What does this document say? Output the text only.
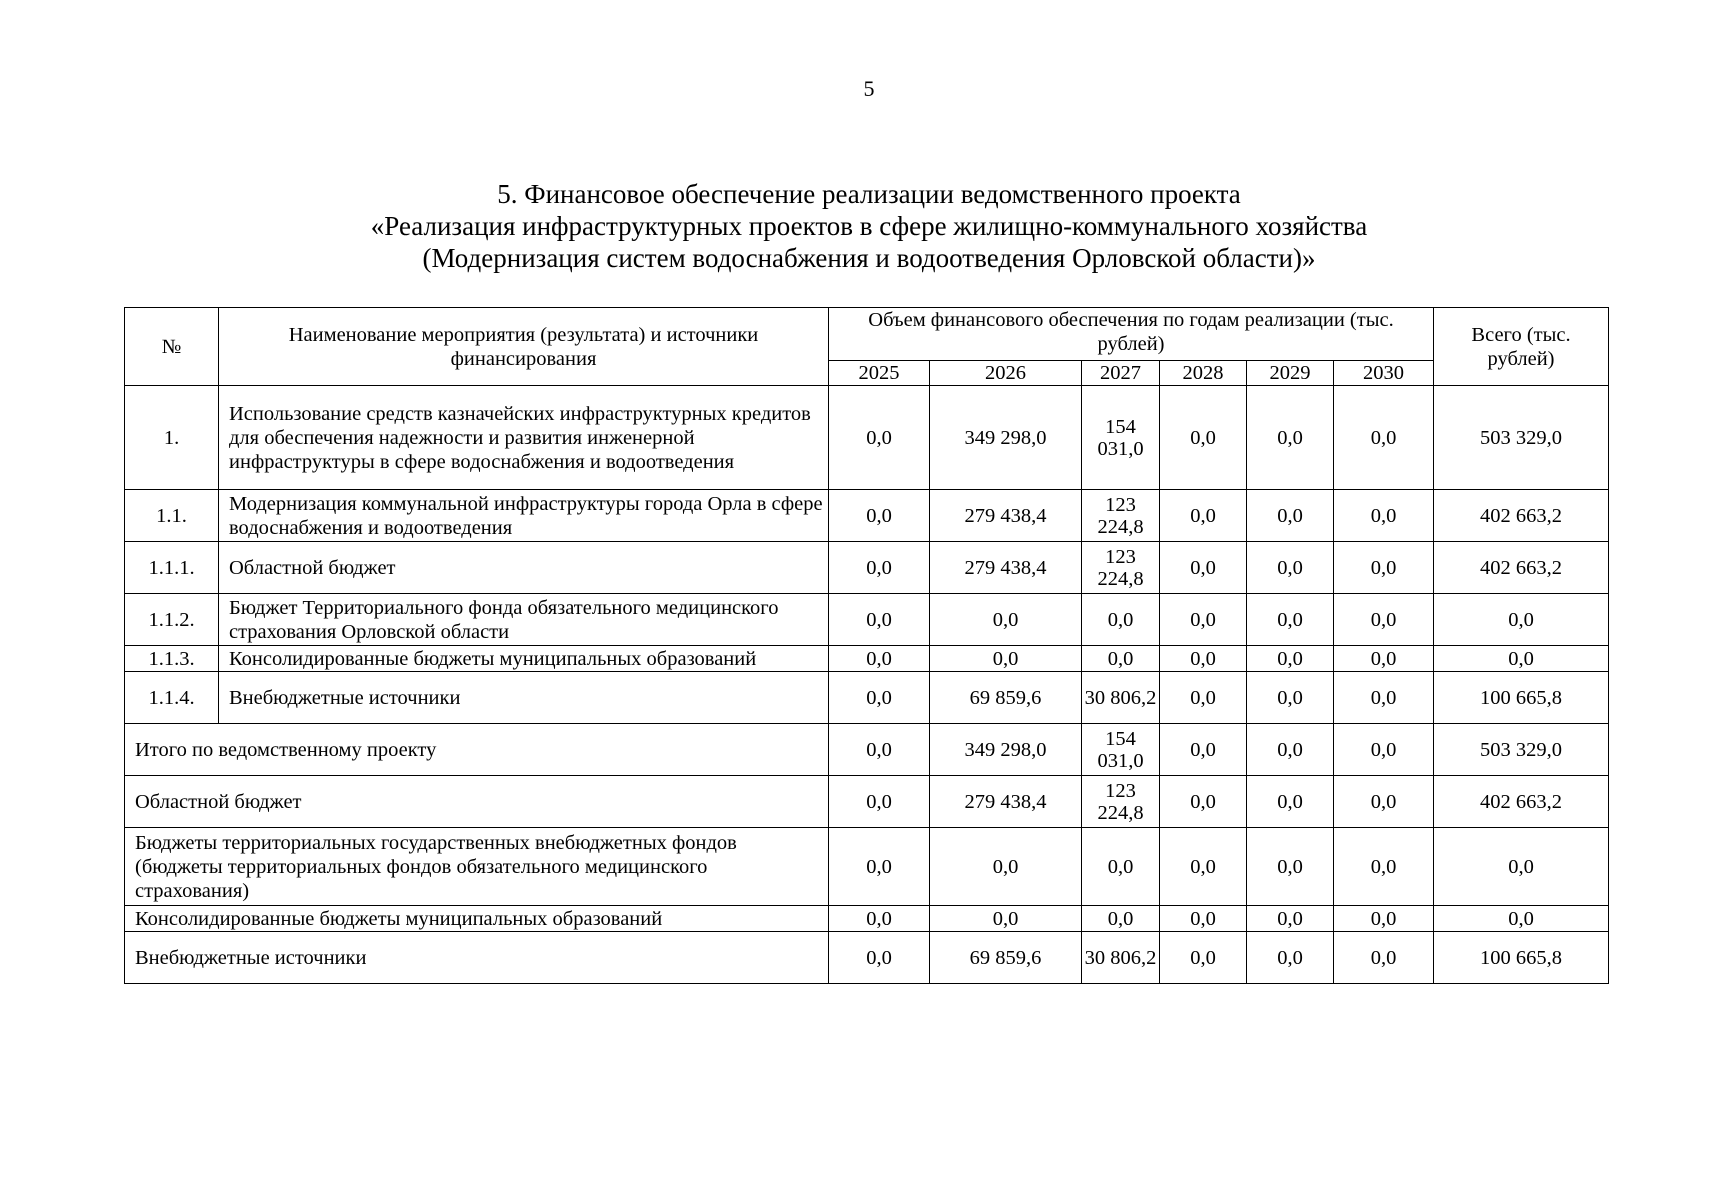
5
5. Финансовое обеспечение реализации ведомственного проекта
«Реализация инфраструктурных проектов в сфере жилищно-коммунального хозяйства
(Модернизация систем водоснабжения и водоотведения Орловской области)»
№	Наименование мероприятия (результата) и источники финансирования	Объем финансового обеспечения по годам реализации (тыс. рублей)						Всего (тыс. рублей)
		2025	2026	2027	2028	2029	2030	
1.	Использование средств казначейских инфраструктурных кредитов для обеспечения надежности и развития инженерной инфраструктуры в сфере водоснабжения и водоотведения	0,0	349 298,0	154 031,0	0,0	0,0	0,0	503 329,0
1.1.	Модернизация коммунальной инфраструктуры города Орла в сфере водоснабжения и водоотведения	0,0	279 438,4	123 224,8	0,0	0,0	0,0	402 663,2
1.1.1.	Областной бюджет	0,0	279 438,4	123 224,8	0,0	0,0	0,0	402 663,2
1.1.2.	Бюджет Территориального фонда обязательного медицинского страхования Орловской области	0,0	0,0	0,0	0,0	0,0	0,0	0,0
1.1.3.	Консолидированные бюджеты муниципальных образований	0,0	0,0	0,0	0,0	0,0	0,0	0,0
1.1.4.	Внебюджетные источники	0,0	69 859,6	30 806,2	0,0	0,0	0,0	100 665,8
Итого по ведомственному проекту		0,0	349 298,0	154 031,0	0,0	0,0	0,0	503 329,0
Областной бюджет		0,0	279 438,4	123 224,8	0,0	0,0	0,0	402 663,2
Бюджеты территориальных государственных внебюджетных фондов (бюджеты территориальных фондов обязательного медицинского страхования)		0,0	0,0	0,0	0,0	0,0	0,0	0,0
Консолидированные бюджеты муниципальных образований		0,0	0,0	0,0	0,0	0,0	0,0	0,0
Внебюджетные источники		0,0	69 859,6	30 806,2	0,0	0,0	0,0	100 665,8
